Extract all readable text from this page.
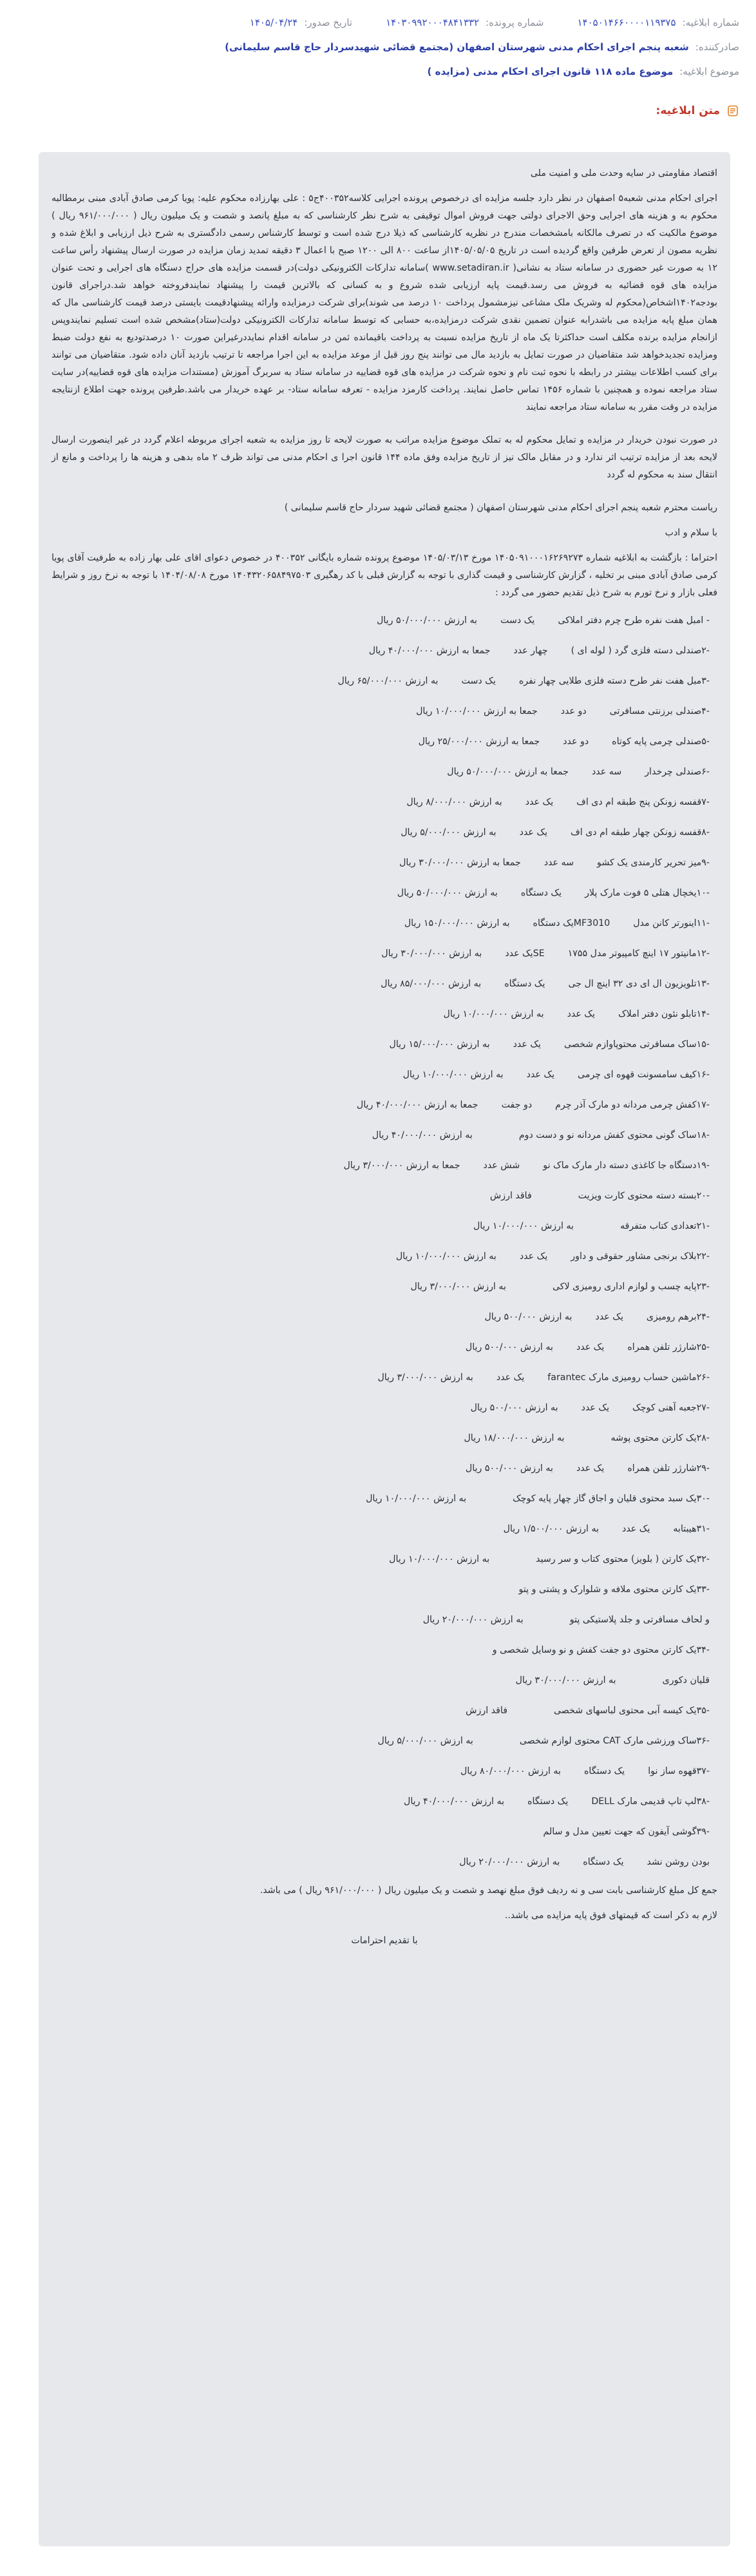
شماره ابلاغیه:
۱۴۰۵۰۱۴۶۶۰۰۰۰۱۱۹۳۷۵
شماره پرونده:
۱۴۰۳۰۹۹۲۰۰۰۴۸۴۱۳۳۲
تاریخ صدور:
۱۴۰۵/۰۴/۲۴
صادرکننده:
شعبه پنجم اجرای احکام مدنی شهرستان اصفهان (مجتمع قضائی شهیدسردار حاج قاسم سلیمانی)
موضوع ابلاغیه:
موضوع ماده ۱۱۸ قانون اجرای احکام مدنی (مزایده )
متن ابلاغیه:

اقتصاد مقاومتی در سایه وحدت ملی و امنیت ملی

اجرای احکام مدنی شعبه۵ اصفهان در نظر دارد جلسه مزایده ای درخصوص پرونده اجرایی کلاسه۴۰۰۳۵۲ج۵ : علی بهارزاده محکوم علیه: پویا کرمی صادق آبادی مبنی برمطالبه محکوم به و هزینه های اجرایی وحق الاجرای دولتی جهت فروش اموال توقیفی به شرح نظر کارشناسی که به مبلغ پانصد و شصت و یک میلیون ریال ( ۹۶۱/۰۰۰/۰۰۰ ریال ) موضوع مالکیت که در تصرف مالکانه بامشخصات مندرج در نظریه کارشناسی که ذیلا درج شده است و توسط کارشناس رسمی دادگستری به شرح ذیل ارزیابی و ابلاغ شده و نظریه مصون از تعرض طرفین واقع گردیده است در تاریخ ۱۴۰۵/۰۵/۰۵از ساعت ۸۰۰ الی ۱۲۰۰ صبح با اعمال ۳ دقیقه تمدید زمان مزایده در صورت ارسال پیشنهاد رأس ساعت ۱۲ به صورت غیر حضوری در سامانه ستاد به نشانی( www.setadiran.ir )سامانه تدارکات الکترونیکی دولت)در قسمت مزایده های حراج دستگاه های اجرایی و تحت عنوان مزایده های قوه قضائیه به فروش می رسد.قیمت پایه ارزیابی شده شروع و به کسانی که بالاترین قیمت را پیشنهاد نمایندفروخته خواهد شد.دراجرای قانون بودجه۱۴۰۲اشخاص(محکوم له وشریک ملک مشاعی نیزمشمول پرداخت ۱۰ درصد می شوند)برای شرکت درمزایده وارائه پیشنهادقیمت بایستی درصد قیمت کارشناسی مال که همان مبلغ پایه مزایده می باشدرابه عنوان تضمین نقدی شرکت درمزایده،به حسابی که توسط سامانه تدارکات الکترونیکی دولت(ستاد)مشخص شده است تسلیم نمایندوپس ازانجام مزایده برنده مکلف است حداکثرتا یک ماه از تاریخ مزایده نسبت به پرداخت باقیمانده ثمن در سامانه اقدام نمایددرغیراین صورت ۱۰ درصدتودیع به نفع دولت ضبط ومزایده تجدیدخواهد شد متقاضیان در صورت تمایل به بازدید مال می توانند پنج روز قبل از موعد مزایده به این اجرا مراجعه تا ترتیب بازدید آنان داده شود. متقاضیان می توانند برای کسب اطلاعات بیشتر در رابطه با نحوه ثبت نام و نحوه شرکت در مزایده های قوه قضاییه در سامانه ستاد به سربرگ آموزش (مستندات مزایده های قوه قضاییه)در سایت ستاد مراجعه نموده و همچنین با شماره ۱۴۵۶ تماس حاصل نمایند. پرداخت کارمزد مزایده - تعرفه سامانه ستاد- بر عهده خریدار می باشد.طرفین پرونده جهت اطلاع ازنتایجه مزایده در وقت مقرر به سامانه ستاد مراجعه نمایند

در صورت نبودن خریدار در مزایده و تمایل محکوم له به تملک موضوع مزایده مراتب به صورت لایحه تا روز مزایده به شعبه اجرای مربوطه اعلام گردد در غیر اینصورت ارسال لایحه بعد از مزایده ترتیب اثر ندارد و در مقابل مالک نیز از تاریخ مزایده وفق ماده ۱۴۴ قانون اجرا ی احکام مدنی می تواند ظرف ۲ ماه بدهی و هزینه ها را پرداخت و مانع از انتقال سند به محکوم له گردد

ریاست محترم شعبه پنجم اجرای احکام مدنی شهرستان اصفهان ( مجتمع قضائی شهید سردار حاج قاسم سلیمانی )

با سلام و ادب

احتراما : بازگشت به ابلاغیه شماره ۱۴۰۵۰۹۱۰۰۰۱۶۲۶۹۲۷۳ مورخ ۱۴۰۵/۰۳/۱۳ موضوع پرونده شماره بایگانی ۴۰۰۳۵۲ در خصوص دعوای اقای علی بهار زاده به طرفیت آقای پویا کرمی صادق آبادی مبنی بر تخلیه ، گزارش کارشناسی و قیمت گذاری با توجه به گزارش قبلی با کد رهگیری ۱۴۰۴۳۲۰۶۵۸۴۹۷۵۰۳ مورخ ۱۴۰۴/۰۸/۰۸ با توجه به نرخ روز و شرایط فعلی بازار و نرخ تورم به شرح ذیل تقدیم حضور می گردد :

- امبل هفت نفره طرح چرم دفتر املاکییک دستبه ارزش ۵۰/۰۰۰/۰۰۰ ریال
-۲صندلی دسته فلزی گرد ( لوله ای )چهار عددجمعا به ارزش ۴۰/۰۰۰/۰۰۰ ریال
-۳مبل هفت نفر طرح دسته فلزی طلایی چهار نفرهیک دستبه ارزش ۶۵/۰۰۰/۰۰۰ ریال
-۴صندلی برزنتی مسافرتیدو عددجمعا به ارزش ۱۰/۰۰۰/۰۰۰ ریال
-۵صندلی چرمی پایه کوتاهدو عددجمعا به ارزش ۲۵/۰۰۰/۰۰۰ ریال
-۶صندلی چرخدارسه عددجمعا به ارزش ۵۰/۰۰۰/۰۰۰ ریال
-۷قفسه زونکن پنج طبقه ام دی افیک عددبه ارزش ۸/۰۰۰/۰۰۰ ریال
-۸قفسه زونکن چهار طبقه ام دی افیک عددبه ارزش ۵/۰۰۰/۰۰۰ ریال
-۹میز تحریر کارمندی یک کشوسه عددجمعا به ارزش ۳۰/۰۰۰/۰۰۰ ریال
-۱۰یخچال هتلی ۵ فوت مارک پلاریک دستگاهبه ارزش ۵۰/۰۰۰/۰۰۰ ریال
-۱۱اینورتر کانن مدلMF3010یک دستگاهبه ارزش ۱۵۰/۰۰۰/۰۰۰ ریال
-۱۲مانیتور ۱۷ اینچ کامپیوتر مدل ۱۷۵۵SEیک عددبه ارزش ۳۰/۰۰۰/۰۰۰ ریال
-۱۳تلویزیون ال ای دی ۳۲ اینچ ال جییک دستگاهبه ارزش ۸۵/۰۰۰/۰۰۰ ریال
-۱۴تابلو نئون دفتر املاکیک عددبه ارزش ۱۰/۰۰۰/۰۰۰ ریال
-۱۵ساک مسافرتی محتوپاوازم شخصییک عددبه ارزش ۱۵/۰۰۰/۰۰۰ ریال
-۱۶کیف سامسونت قهوه ای چرمییک عددبه ارزش ۱۰/۰۰۰/۰۰۰ ریال
-۱۷کفش چرمی مردانه دو مارک آذر چرمدو جفتجمعا به ارزش ۴۰/۰۰۰/۰۰۰ ریال
-۱۸ساک گونی محتوی کفش مردانه نو و دست دومبه ارزش ۴۰/۰۰۰/۰۰۰ ریال
-۱۹دستگاه جا کاغذی دسته دار مارک ماک نوشش عددجمعا به ارزش ۳/۰۰۰/۰۰۰ ریال
-۲۰بسته دسته محتوی کارت ویزیتفاقد ارزش
-۲۱تعدادی کتاب متفرقهبه ارزش ۱۰/۰۰۰/۰۰۰ ریال
-۲۲بلاک برنجی مشاور حقوقی و داوریک عددبه ارزش ۱۰/۰۰۰/۰۰۰ ریال
-۲۳پایه چسب و لوازم اداری رومیزی لاکیبه ارزش ۳/۰۰۰/۰۰۰ ریال
-۲۴برهم رومیزییک عددبه ارزش ۵۰۰/۰۰۰ ریال
-۲۵شارژر تلفن همراهیک عددبه ارزش ۵۰۰/۰۰۰ ریال
-۲۶ماشین حساب رومیزی مارک farantecیک عددبه ارزش ۳/۰۰۰/۰۰۰ ریال
-۲۷جعبه آهنی کوچکیک عددبه ارزش ۵۰۰/۰۰۰ ریال
-۲۸یک کارتن محتوی پوشهبه ارزش ۱۸/۰۰۰/۰۰۰ ریال
-۲۹شارژر تلفن همراهیک عددبه ارزش ۵۰۰/۰۰۰ ریال
-۳۰یک سبد محتوی قلیان و اجاق گاز چهار پایه کوچکبه ارزش ۱۰/۰۰۰/۰۰۰ ریال
-۳۱هیبتابهیک عددبه ارزش ۱/۵۰۰/۰۰۰ ریال
-۳۲یک کارتن ( بلویز) محتوی کتاب و سر رسیدبه ارزش ۱۰/۰۰۰/۰۰۰ ریال
-۳۳یک کارتن محتوی ملافه و شلوارک و پشتی و پتو
و لحاف مسافرتی و جلد پلاستیکی پتوبه ارزش ۲۰/۰۰۰/۰۰۰ ریال
-۳۴یک کارتن محتوی دو جفت کفش و نو وسایل شخصی و
قلیان دکوریبه ارزش ۳۰/۰۰۰/۰۰۰ ریال
-۳۵یک کیسه آبی محتوی لباسهای شخصیفاقد ارزش
-۳۶ساک ورزشی مارک CAT محتوی لوازم شخصیبه ارزش ۵/۰۰۰/۰۰۰ ریال
-۳۷قهوه ساز نوایک دستگاهبه ارزش ۸۰/۰۰۰/۰۰۰ ریال
-۳۸لپ تاپ قدیمی مارک DELLیک دستگاهبه ارزش ۴۰/۰۰۰/۰۰۰ ریال
-۳۹گوشی آیفون که جهت تعیین مدل و سالم
بودن روشن نشدیک دستگاهبه ارزش ۲۰/۰۰۰/۰۰۰ ریال

جمع کل مبلغ کارشناسی بابت سی و نه ردیف فوق مبلغ نهصد و شصت و یک میلیون ریال ( ۹۶۱/۰۰۰/۰۰۰ ریال ) می باشد.

لازم به ذکر است که قیمتهای فوق پایه مزایده می باشد..

با تقدیم احترامات
